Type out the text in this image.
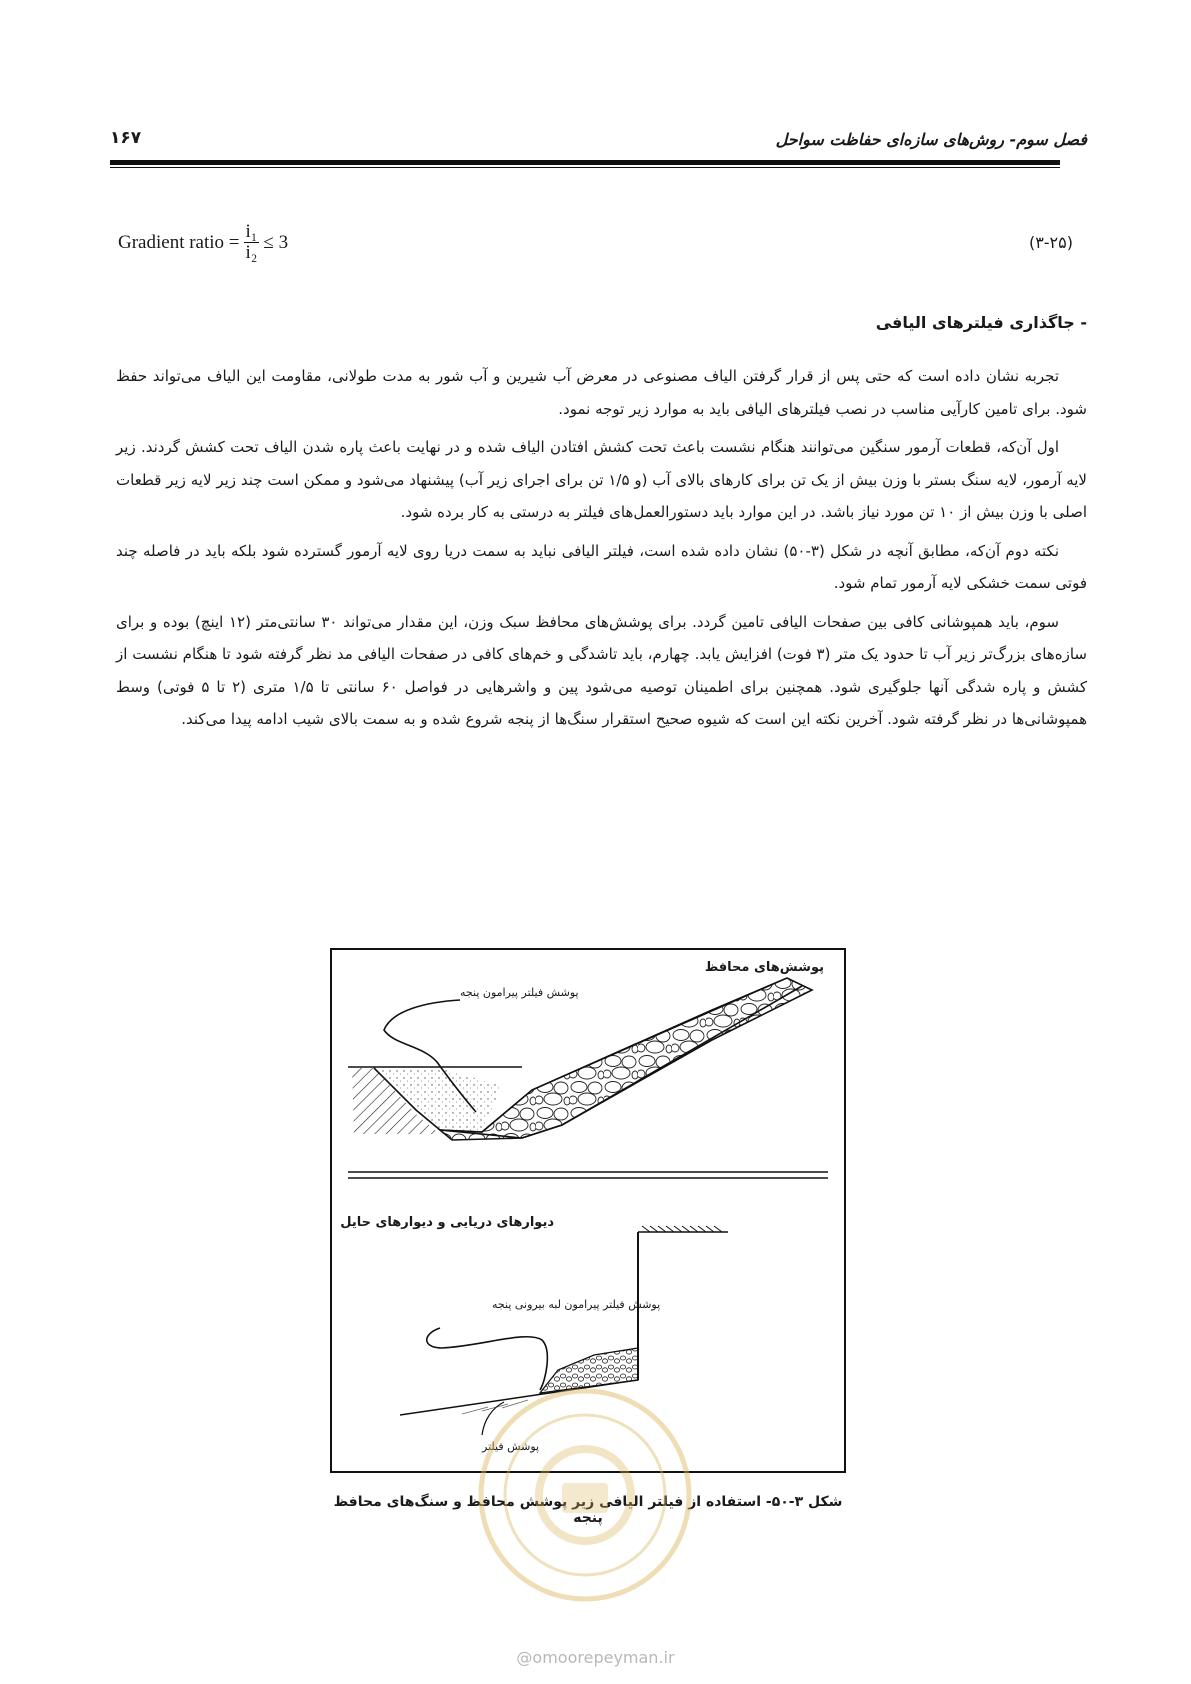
۱۶۷	فصل سوم- روش‌های سازه‌ای حفاظت سواحل
Gradient ratio = $\frac{\text{i₁}}{\text{i₂}} \le 3$	(۳-۲۵)
- جاگذاری فیلترهای الیافی

تجربه نشان داده است که حتی پس از قرار گرفتن الیاف مصنوعی در معرض آب شیرین و آب شور به مدت طولانی، مقاومت این الیاف می‌تواند حفظ شود. برای تامین کارآیی مناسب در نصب فیلترهای الیافی باید به موارد زیر توجه نمود.

اول آن‌که، قطعات آرمور سنگین می‌توانند هنگام نشست باعث تحت کشش افتادن الیاف شده و در نهایت باعث پاره شدن الیاف تحت کشش گردند. زیر لایه آرمور، لایه سنگ بستر با وزن بیش از یک تن برای کارهای بالای آب (و ۱/۵ تن برای اجرای زیر آب) پیشنهاد می‌شود و ممکن است چند زیر لایه زیر قطعات اصلی با وزن بیش از ۱۰ تن مورد نیاز باشد. در این موارد باید دستورالعمل‌های فیلتر به درستی به کار برده شود.

نکته دوم آن‌که، مطابق آنچه در شکل (۳-۵۰) نشان داده شده است، فیلتر الیافی نباید به سمت دریا روی لایه آرمور گسترده شود بلکه باید در فاصله چند فوتی سمت خشکی لایه آرمور تمام شود.

سوم، باید همپوشانی کافی بین صفحات الیافی تامین گردد. برای پوشش‌های محافظ سبک وزن، این مقدار می‌تواند ۳۰ سانتی‌متر (۱۲ اینچ) بوده و برای سازه‌های بزرگ‌تر زیر آب تا حدود یک متر (۳ فوت) افزایش یابد. چهارم، باید تاشدگی و خم‌های کافی در صفحات الیافی مد نظر گرفته شود تا هنگام نشست از کشش و پاره شدگی آنها جلوگیری شود. همچنین برای اطمینان توصیه می‌شود پین و واشرهایی در فواصل ۶۰ سانتی تا ۱/۵ متری (۲ تا ۵ فوتی) وسط همپوشانی‌ها در نظر گرفته شود. آخرین نکته این است که شیوه صحیح استقرار سنگ‌ها از پنجه شروع شده و به سمت بالای شیب ادامه پیدا می‌کند.

پوشش‌های محافظ
پوشش فیلتر پیرامون پنجه
دیوارهای دریایی و دیوارهای حایل
پوشش فیلتر پیرامون لبه بیرونی پنجه
پوشش فیلتر
شکل ۳-۵۰- استفاده از فیلتر الیافی زیر پوشش محافظ و سنگ‌های محافظ پنجه
@omoorepeyman.ir
